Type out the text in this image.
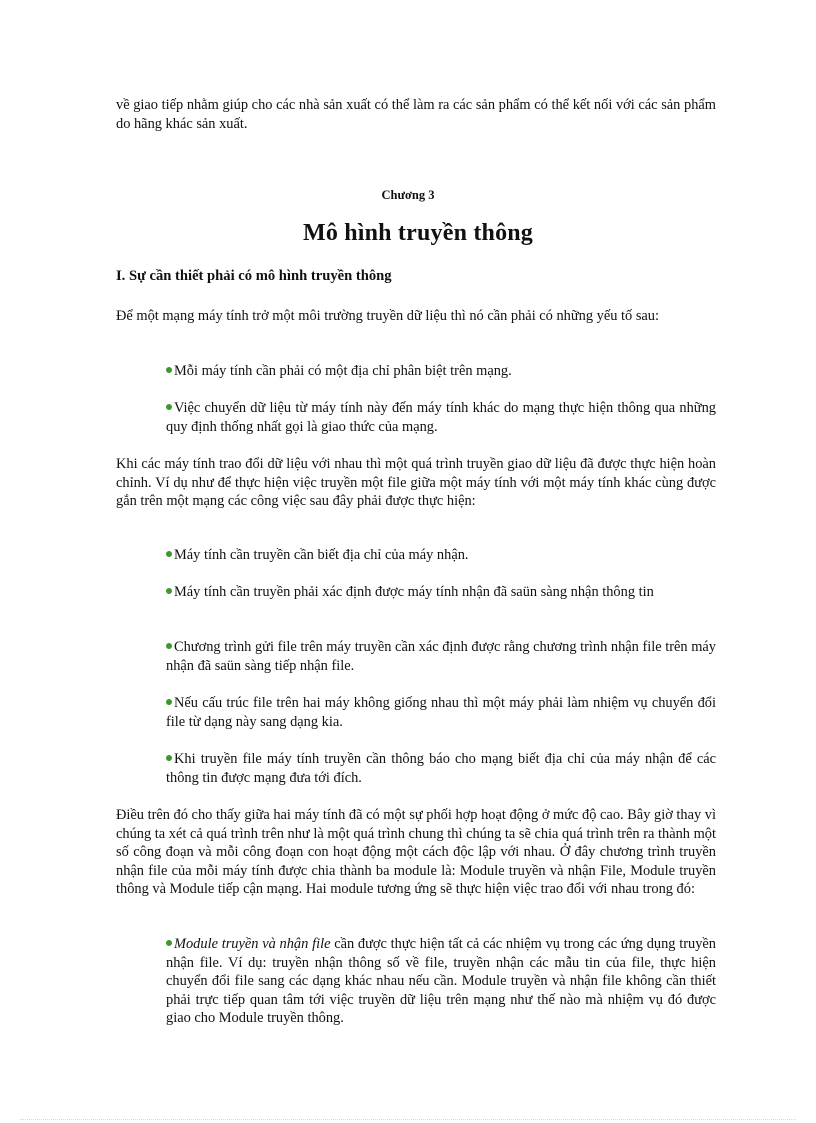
về giao tiếp nhằm giúp cho các nhà sản xuất có thể làm ra các sản phẩm có thể kết nối với các sản phẩm do hãng khác sản xuất.

Chương 3

Mô hình truyền thông
I. Sự cần thiết phải có mô hình truyền thông

Để một mạng máy tính trở một môi trường truyền dữ liệu thì nó cần phải có những yếu tố sau:

Mỗi máy tính cần phải có một địa chỉ phân biệt trên mạng.

Việc chuyển dữ liệu từ máy tính này đến máy tính khác do mạng thực hiện thông qua những quy định thống nhất gọi là giao thức của mạng.

Khi các máy tính trao đổi dữ liệu với nhau thì một quá trình truyền giao dữ liệu đã được thực hiện hoàn chỉnh. Ví dụ như để thực hiện việc truyền một file giữa một máy tính với một máy tính khác cùng được gắn trên một mạng các công việc sau đây phải được thực hiện:

Máy tính cần truyền cần biết địa chỉ của máy nhận.

Máy tính cần truyền phải xác định được máy tính nhận đã saün sàng nhận thông tin

Chương trình gửi file trên máy truyền cần xác định được rằng chương trình nhận file trên máy nhận đã saün sàng tiếp nhận file.

Nếu cấu trúc file trên hai máy không giống nhau thì một máy phải làm nhiệm vụ chuyển đổi file từ dạng này sang dạng kia.

Khi truyền file máy tính truyền cần thông báo cho mạng biết địa chỉ của máy nhận để các thông tin được mạng đưa tới đích.

Điều trên đó cho thấy giữa hai máy tính đã có một sự phối hợp hoạt động ở mức độ cao. Bây giờ thay vì chúng ta xét cả quá trình trên như là một quá trình chung thì chúng ta sẽ chia quá trình trên ra thành một số công đoạn và mỗi công đoạn con hoạt động một cách độc lập với nhau. Ở đây chương trình truyền nhận file của mỗi máy tính được chia thành ba module là: Module truyền và nhận File, Module truyền thông và Module tiếp cận mạng. Hai module tương ứng sẽ thực hiện việc trao đổi với nhau trong đó:

Module truyền và nhận file cần được thực hiện tất cả các nhiệm vụ trong các ứng dụng truyền nhận file. Ví dụ: truyền nhận thông số về file, truyền nhận các mẫu tin của file, thực hiện chuyển đổi file sang các dạng khác nhau nếu cần. Module truyền và nhận file không cần thiết phải trực tiếp quan tâm tới việc truyền dữ liệu trên mạng như thế nào mà nhiệm vụ đó được giao cho Module truyền thông.
